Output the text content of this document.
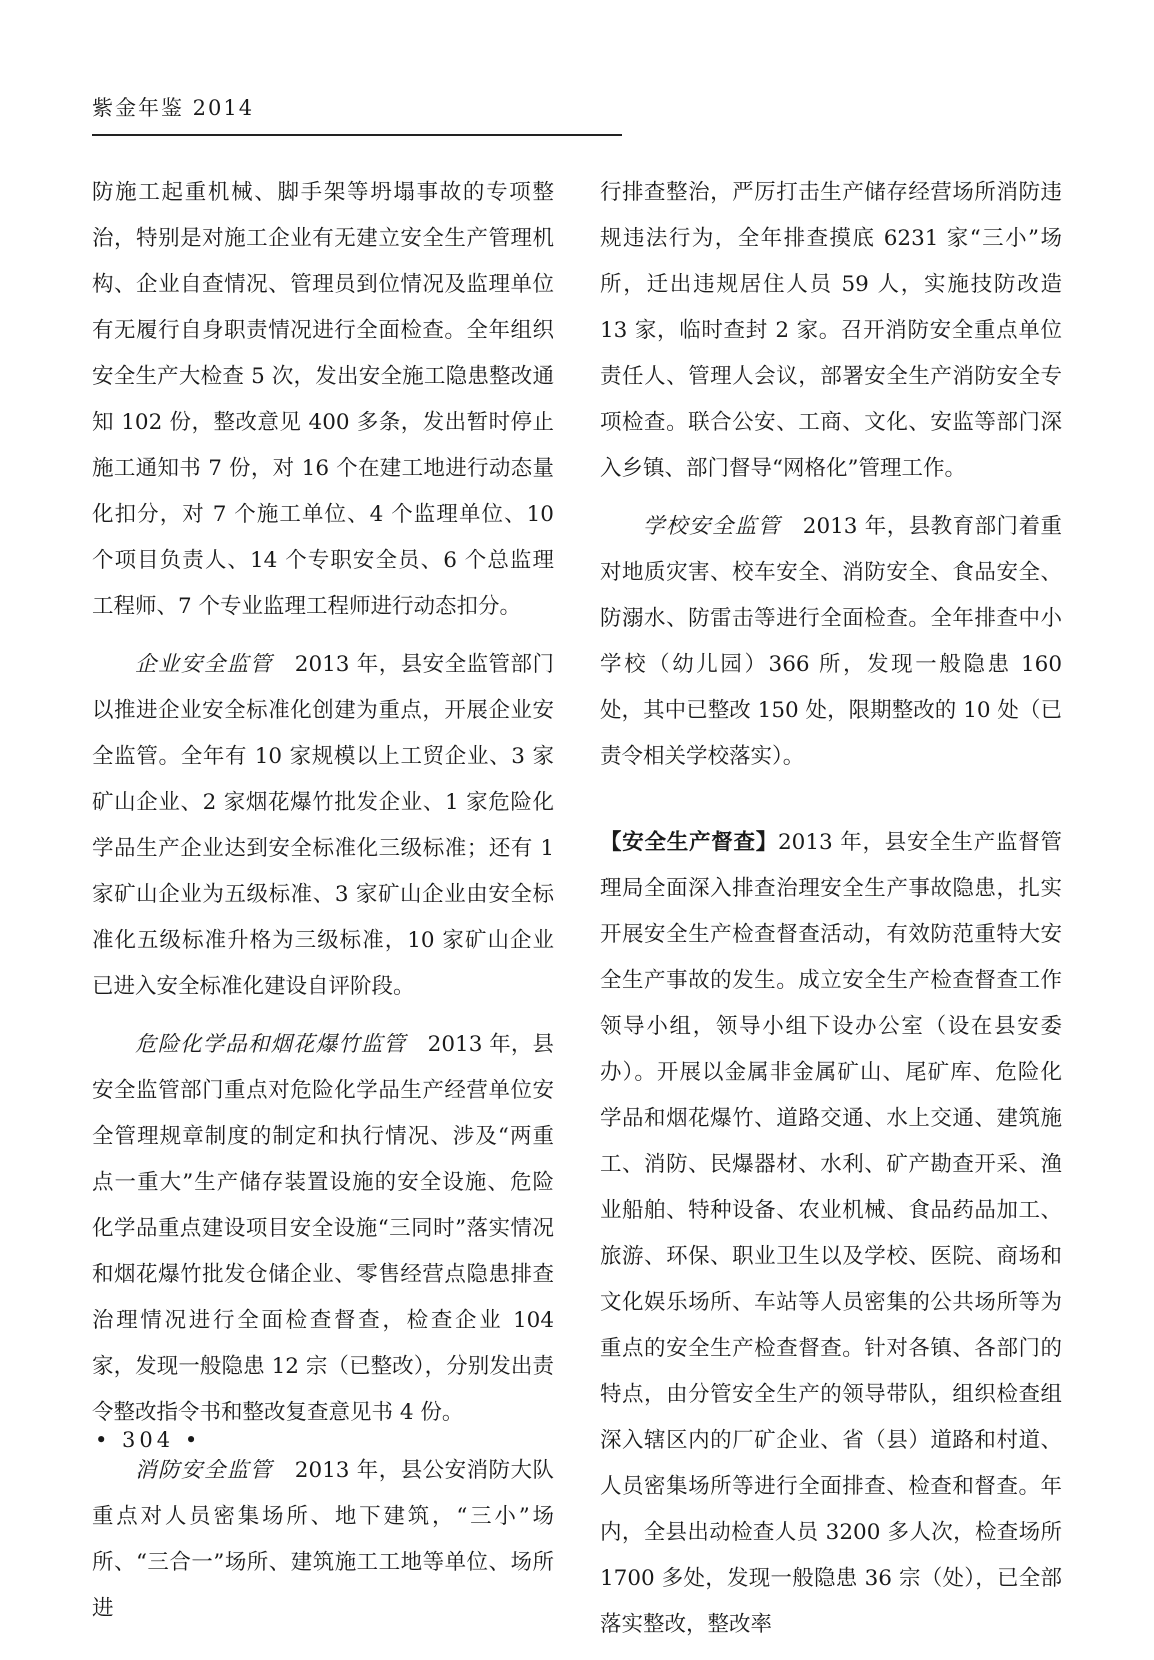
紫金年鉴 2014

防施工起重机械、脚手架等坍塌事故的专项整治，特别是对施工企业有无建立安全生产管理机构、企业自查情况、管理员到位情况及监理单位有无履行自身职责情况进行全面检查。全年组织安全生产大检查 5 次，发出安全施工隐患整改通知 102 份，整改意见 400 多条，发出暂时停止施工通知书 7 份，对 16 个在建工地进行动态量化扣分，对 7 个施工单位、4 个监理单位、10 个项目负责人、14 个专职安全员、6 个总监理工程师、7 个专业监理工程师进行动态扣分。

企业安全监管　2013 年，县安全监管部门以推进企业安全标准化创建为重点，开展企业安全监管。全年有 10 家规模以上工贸企业、3 家矿山企业、2 家烟花爆竹批发企业、1 家危险化学品生产企业达到安全标准化三级标准；还有 1 家矿山企业为五级标准、3 家矿山企业由安全标准化五级标准升格为三级标准，10 家矿山企业已进入安全标准化建设自评阶段。

危险化学品和烟花爆竹监管　2013 年，县安全监管部门重点对危险化学品生产经营单位安全管理规章制度的制定和执行情况、涉及“两重点一重大”生产储存装置设施的安全设施、危险化学品重点建设项目安全设施“三同时”落实情况和烟花爆竹批发仓储企业、零售经营点隐患排查治理情况进行全面检查督查，检查企业 104 家，发现一般隐患 12 宗（已整改），分别发出责令整改指令书和整改复查意见书 4 份。

消防安全监管　2013 年，县公安消防大队重点对人员密集场所、地下建筑，“三小”场所、“三合一”场所、建筑施工工地等单位、场所进

行排查整治，严厉打击生产储存经营场所消防违规违法行为，全年排查摸底 6231 家“三小”场所，迁出违规居住人员 59 人，实施技防改造 13 家，临时查封 2 家。召开消防安全重点单位责任人、管理人会议，部署安全生产消防安全专项检查。联合公安、工商、文化、安监等部门深入乡镇、部门督导“网格化”管理工作。

学校安全监管　2013 年，县教育部门着重对地质灾害、校车安全、消防安全、食品安全、防溺水、防雷击等进行全面检查。全年排查中小学校（幼儿园）366 所，发现一般隐患 160 处，其中已整改 150 处，限期整改的 10 处（已责令相关学校落实）。

【安全生产督查】2013 年，县安全生产监督管理局全面深入排查治理安全生产事故隐患，扎实开展安全生产检查督查活动，有效防范重特大安全生产事故的发生。成立安全生产检查督查工作领导小组，领导小组下设办公室（设在县安委办）。开展以金属非金属矿山、尾矿库、危险化学品和烟花爆竹、道路交通、水上交通、建筑施工、消防、民爆器材、水利、矿产勘查开采、渔业船舶、特种设备、农业机械、食品药品加工、旅游、环保、职业卫生以及学校、医院、商场和文化娱乐场所、车站等人员密集的公共场所等为重点的安全生产检查督查。针对各镇、各部门的特点，由分管安全生产的领导带队，组织检查组深入辖区内的厂矿企业、省（县）道路和村道、人员密集场所等进行全面排查、检查和督查。年内，全县出动检查人员 3200 多人次，检查场所 1700 多处，发现一般隐患 36 宗（处），已全部落实整改，整改率

• 304 •
